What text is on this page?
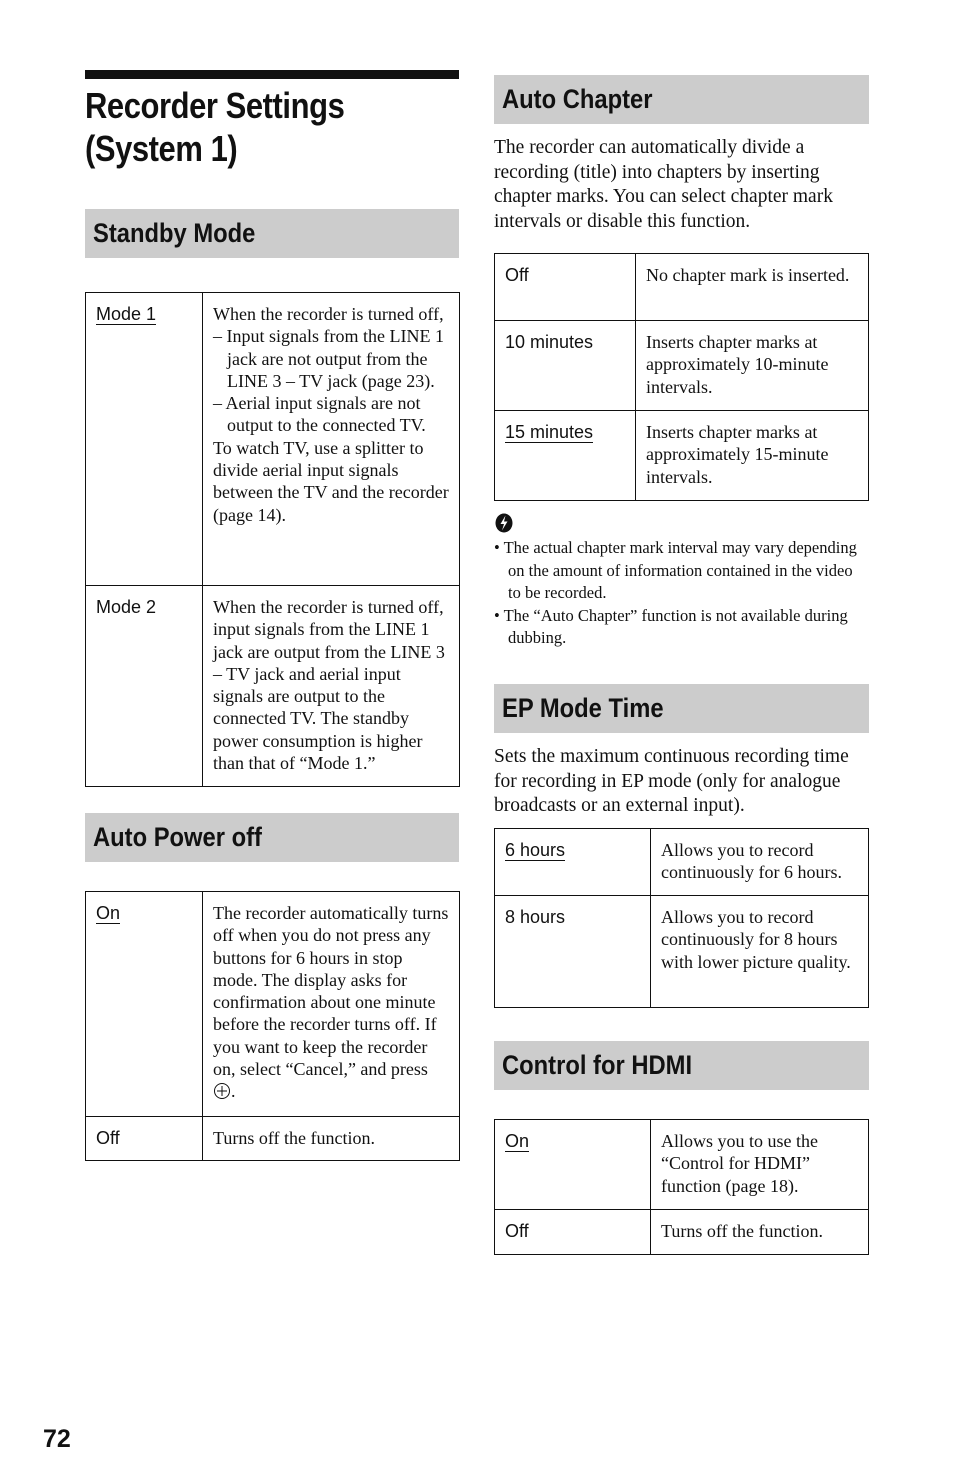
Recorder Settings
(System 1)
Standby Mode
Mode 1	When the recorder is turned off,
– Input signals from the LINE 1 jack are not output from the LINE 3 – TV jack (page 23).
– Aerial input signals are not output to the connected TV.
To watch TV, use a splitter to divide aerial input signals between the TV and the recorder (page 14).

Mode 2	When the recorder is turned off, input signals from the LINE 1 jack are output from the LINE 3 – TV jack and aerial input signals are output to the connected TV. The standby power consumption is higher than that of “Mode 1.”
Auto Power off
On	The recorder automatically turns off when you do not press any buttons for 6 hours in stop mode. The display asks for confirmation about one minute before the recorder turns off. If you want to keep the recorder on, select “Cancel,” and press .
Off	Turns off the function.
Auto Chapter

The recorder can automatically divide a recording (title) into chapters by inserting chapter marks. You can select chapter mark intervals or disable this function.

Off	No chapter mark is inserted.
10 minutes	Inserts chapter marks at approximately 10-minute intervals.
15 minutes	Inserts chapter marks at approximately 15-minute intervals.
• The actual chapter mark interval may vary depending on the amount of information contained in the video to be recorded.
• The “Auto Chapter” function is not available during dubbing.
EP Mode Time

Sets the maximum continuous recording time for recording in EP mode (only for analogue broadcasts or an external input).

6 hours	Allows you to record continuously for 6 hours.
8 hours	Allows you to record continuously for 8 hours with lower picture quality.
Control for HDMI
On	Allows you to use the “Control for HDMI” function (page 18).
Off	Turns off the function.
72
